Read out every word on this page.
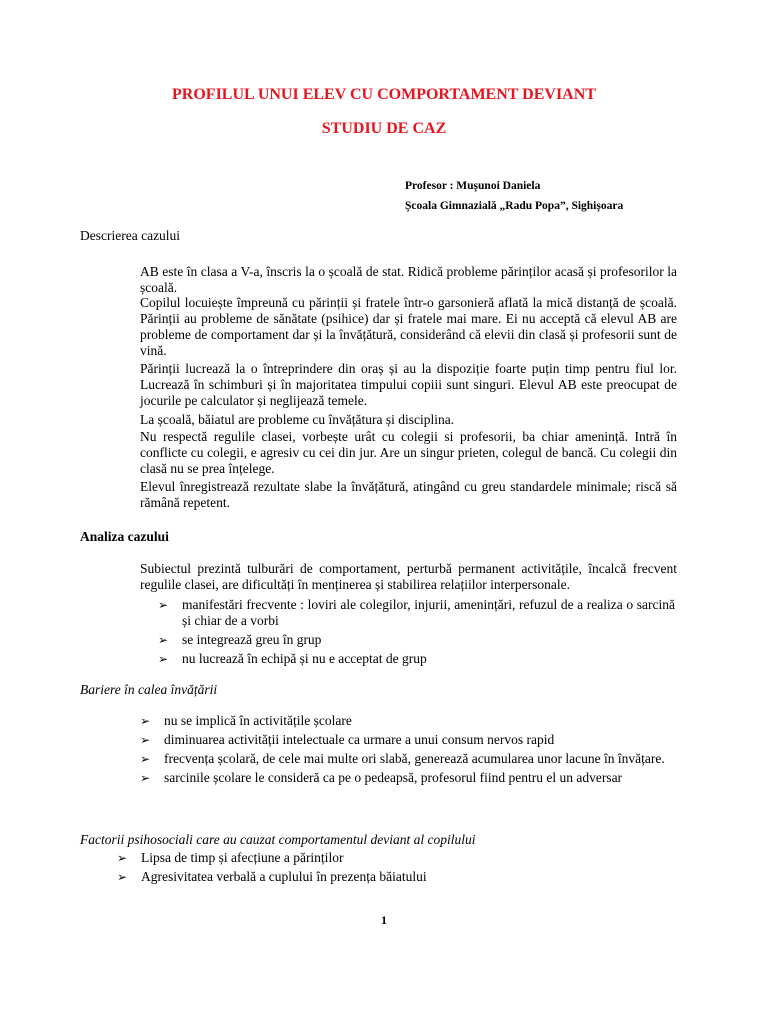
PROFILUL UNUI ELEV CU COMPORTAMENT DEVIANT
STUDIU DE CAZ
Profesor : Mușunoi Daniela
Școala Gimnazială „Radu Popa”, Sighișoara
Descrierea cazului
AB este în clasa a V-a, înscris la o școală de stat. Ridică probleme părinților acasă și profesorilor la școală.
Copilul locuiește împreună cu părinții și fratele într-o garsonieră aflată la mică distanță de școală. Părinții au probleme de sănătate (psihice) dar și fratele mai mare. Ei nu acceptă că elevul AB are probleme de comportament dar și la învățătură, considerând că elevii din clasă și profesorii sunt de vină.
Părinții lucrează la o întreprindere din oraș și au la dispoziție foarte puțin timp pentru fiul lor. Lucrează în schimburi și în majoritatea timpului copiii sunt singuri. Elevul AB este preocupat de jocurile pe calculator și neglijează temele.
La școală, băiatul are probleme cu învățătura și disciplina.
Nu respectă regulile clasei, vorbește urât cu colegii si profesorii, ba chiar amenință. Intră în conflicte cu colegii, e agresiv cu cei din jur. Are un singur prieten, colegul de bancă. Cu colegii din clasă nu se prea înțelege.
Elevul înregistrează rezultate slabe la învățătură, atingând cu greu standardele minimale; riscă să rămână repetent.
Analiza cazului
Subiectul prezintă tulburări de comportament, perturbă permanent activitățile, încalcă frecvent regulile clasei, are dificultăți în menținerea și stabilirea relațiilor interpersonale.
➢ manifestări frecvente : loviri ale colegilor, injurii, amenințări, refuzul de a realiza o sarcină și chiar de a vorbi
➢ se integrează greu în grup
➢ nu lucrează în echipă și nu e acceptat de grup
Bariere în calea învățării
➢ nu se implică în activitățile școlare
➢ diminuarea activității intelectuale ca urmare a unui consum nervos rapid
➢ frecvența școlară, de cele mai multe ori slabă, generează acumularea unor lacune în învățare.
➢ sarcinile școlare le consideră ca pe o pedeapsă, profesorul fiind pentru el un adversar
Factorii psihosociali care au cauzat comportamentul deviant al copilului
➢ Lipsa de timp și afecțiune a părinților
➢ Agresivitatea verbală a cuplului în prezența băiatului
1
